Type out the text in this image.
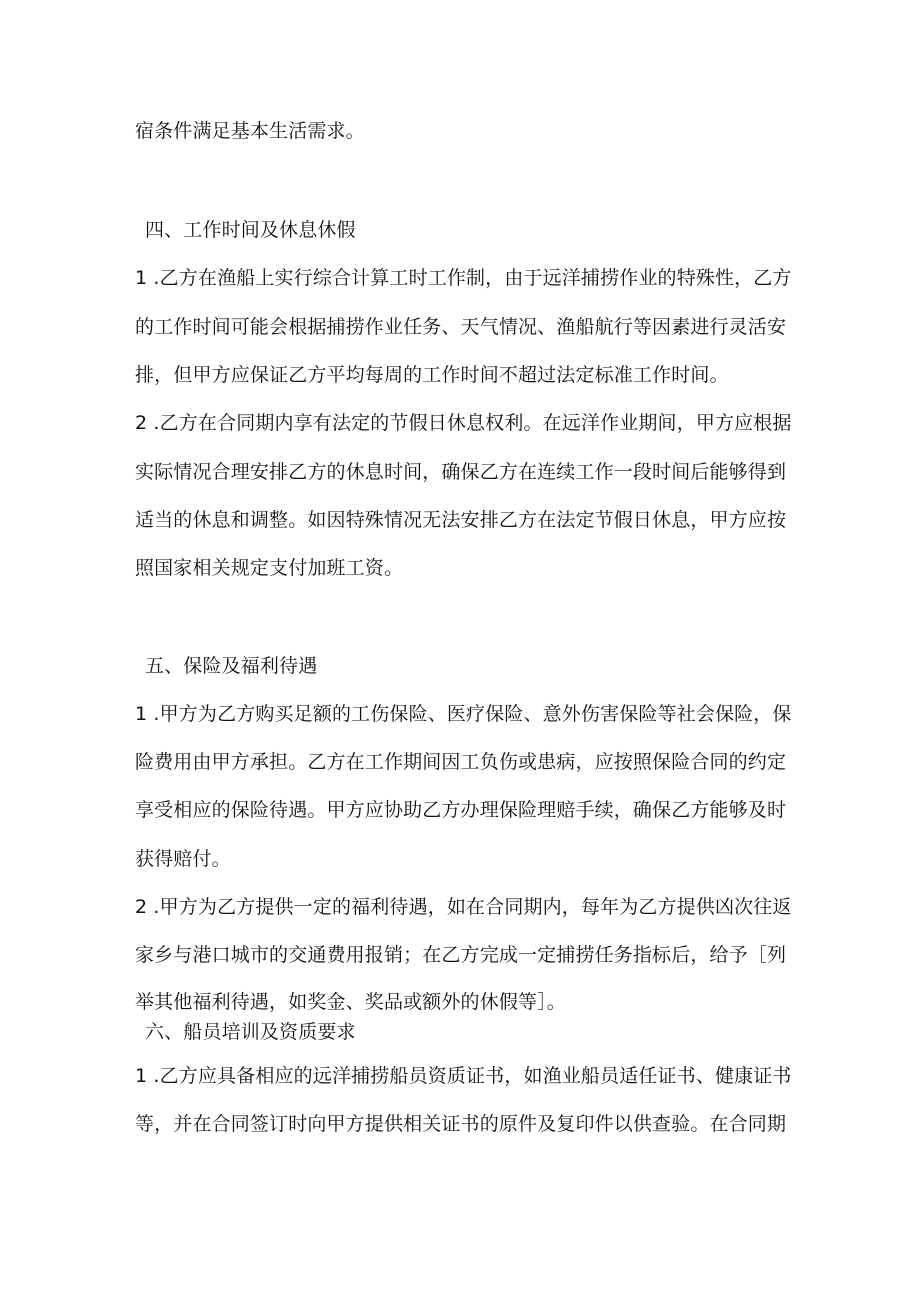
宿条件满足基本生活需求。
四、工作时间及休息休假
1 .乙方在渔船上实行综合计算工时工作制，由于远洋捕捞作业的特殊性，乙方
的工作时间可能会根据捕捞作业任务、天气情况、渔船航行等因素进行灵活安
排，但甲方应保证乙方平均每周的工作时间不超过法定标准工作时间。
2 .乙方在合同期内享有法定的节假日休息权利。在远洋作业期间，甲方应根据
实际情况合理安排乙方的休息时间，确保乙方在连续工作一段时间后能够得到
适当的休息和调整。如因特殊情况无法安排乙方在法定节假日休息，甲方应按
照国家相关规定支付加班工资。
五、保险及福利待遇
1 .甲方为乙方购买足额的工伤保险、医疗保险、意外伤害保险等社会保险，保
险费用由甲方承担。乙方在工作期间因工负伤或患病，应按照保险合同的约定
享受相应的保险待遇。甲方应协助乙方办理保险理赔手续，确保乙方能够及时
获得赔付。
2 .甲方为乙方提供一定的福利待遇，如在合同期内，每年为乙方提供凶次往返
家乡与港口城市的交通费用报销；在乙方完成一定捕捞任务指标后，给予［列
举其他福利待遇，如奖金、奖品或额外的休假等］。
六、船员培训及资质要求
1 .乙方应具备相应的远洋捕捞船员资质证书，如渔业船员适任证书、健康证书
等，并在合同签订时向甲方提供相关证书的原件及复印件以供查验。在合同期
